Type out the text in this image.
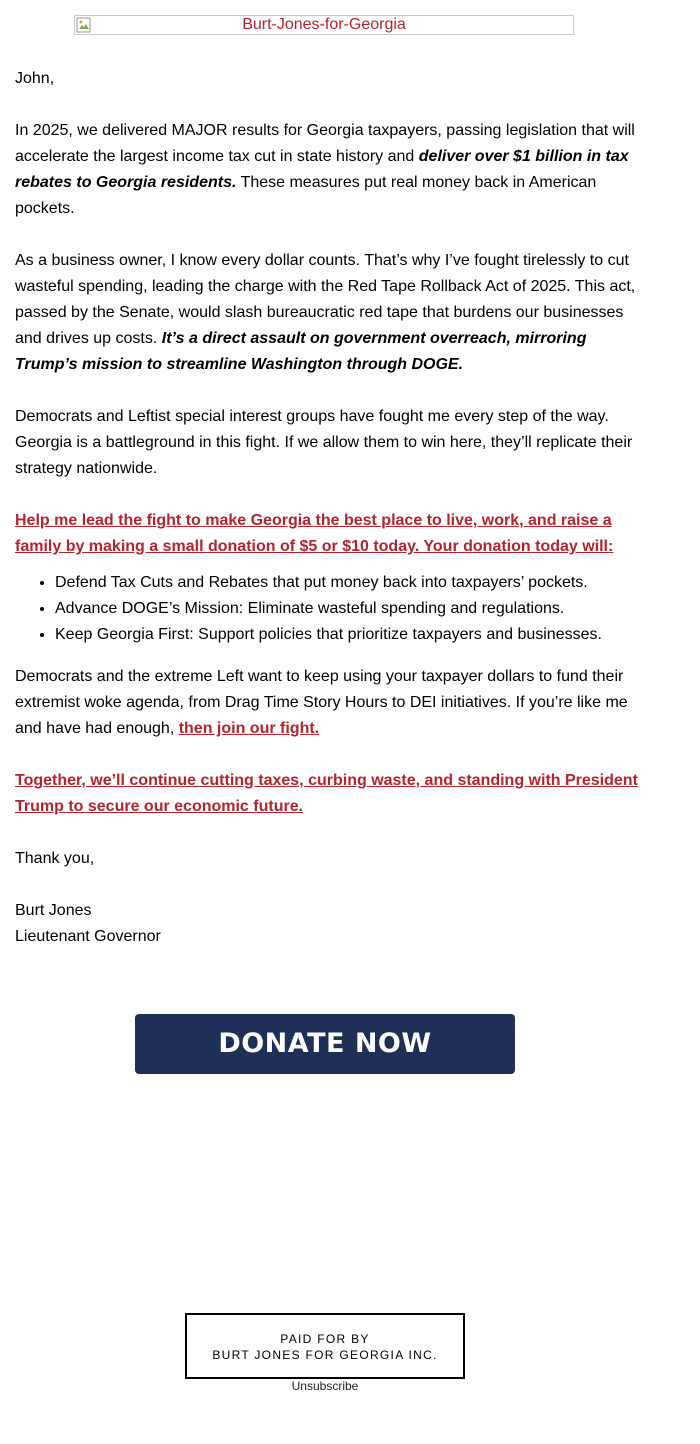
Burt-Jones-for-Georgia

John,

In 2025, we delivered MAJOR results for Georgia taxpayers, passing legislation that will accelerate the largest income tax cut in state history and deliver over $1 billion in tax rebates to Georgia residents. These measures put real money back in American pockets.

As a business owner, I know every dollar counts. That’s why I’ve fought tirelessly to cut wasteful spending, leading the charge with the Red Tape Rollback Act of 2025. This act, passed by the Senate, would slash bureaucratic red tape that burdens our businesses and drives up costs. It’s a direct assault on government overreach, mirroring Trump’s mission to streamline Washington through DOGE.

Democrats and Leftist special interest groups have fought me every step of the way. Georgia is a battleground in this fight. If we allow them to win here, they’ll replicate their strategy nationwide.

Help me lead the fight to make Georgia the best place to live, work, and raise a family by making a small donation of $5 or $10 today. Your donation today will:

• Defend Tax Cuts and Rebates that put money back into taxpayers’ pockets.
• Advance DOGE’s Mission: Eliminate wasteful spending and regulations.
• Keep Georgia First: Support policies that prioritize taxpayers and businesses.

Democrats and the extreme Left want to keep using your taxpayer dollars to fund their extremist woke agenda, from Drag Time Story Hours to DEI initiatives. If you’re like me and have had enough, then join our fight.

Together, we’ll continue cutting taxes, curbing waste, and standing with President Trump to secure our economic future.

Thank you,

Burt Jones
Lieutenant Governor

DONATE NOW
PAID FOR BY
BURT JONES FOR GEORGIA INC.
Unsubscribe
